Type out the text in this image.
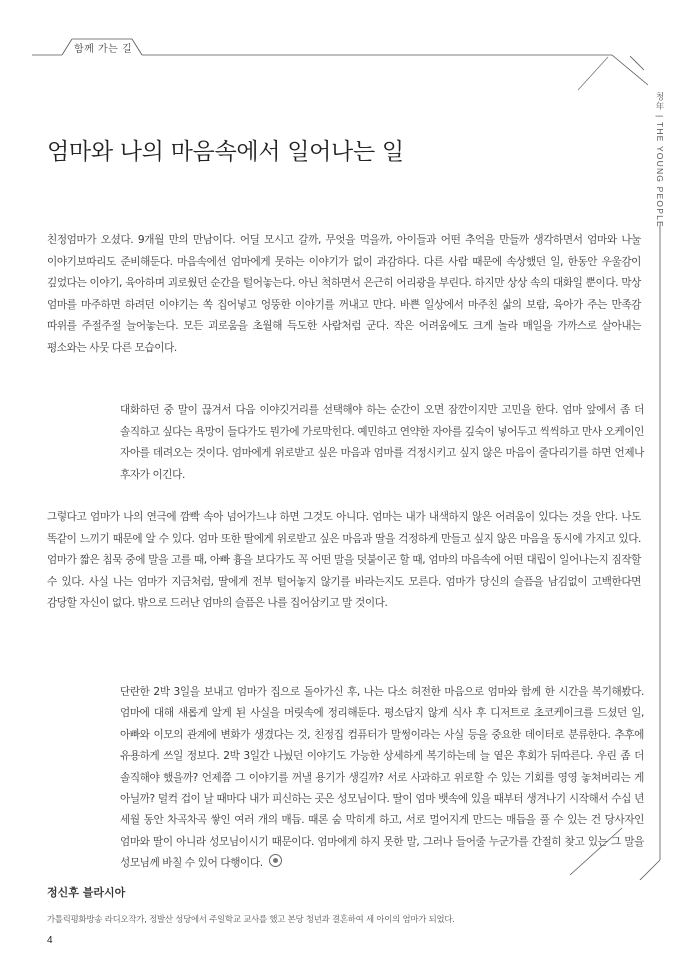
함께 가는 길
청年 | THE YOUNG PEOPLE
엄마와 나의 마음속에서 일어나는 일

친정엄마가 오셨다. 9개월 만의 만남이다. 어딜 모시고 갈까, 무엇을 먹을까, 아이들과 어떤 추억을 만들까 생각하면서 엄마와 나눌 이야기보따리도 준비해둔다. 마음속에선 엄마에게 못하는 이야기가 없이 과감하다. 다른 사람 때문에 속상했던 일, 한동안 우울감이 깊었다는 이야기, 육아하며 괴로웠던 순간을 털어놓는다. 아닌 척하면서 은근히 어리광을 부린다. 하지만 상상 속의 대화일 뿐이다. 막상 엄마를 마주하면 하려던 이야기는 쏙 집어넣고 엉뚱한 이야기를 꺼내고 만다. 바쁜 일상에서 마주친 삶의 보람, 육아가 주는 만족감 따위를 주절주절 늘어놓는다. 모든 괴로움을 초월해 득도한 사람처럼 군다. 작은 어려움에도 크게 놀라 매일을 가까스로 살아내는 평소와는 사뭇 다른 모습이다.

대화하던 중 말이 끊겨서 다음 이야깃거리를 선택해야 하는 순간이 오면 잠깐이지만 고민을 한다. 엄마 앞에서 좀 더 솔직하고 싶다는 욕망이 들다가도 뭔가에 가로막힌다. 예민하고 연약한 자아를 깊숙이 넣어두고 씩씩하고 만사 오케이인 자아를 데려오는 것이다. 엄마에게 위로받고 싶은 마음과 엄마를 걱정시키고 싶지 않은 마음이 줄다리기를 하면 언제나 후자가 이긴다.

그렇다고 엄마가 나의 연극에 깜빡 속아 넘어가느냐 하면 그것도 아니다. 엄마는 내가 내색하지 않은 어려움이 있다는 것을 안다. 나도 똑같이 느끼기 때문에 알 수 있다. 엄마 또한 딸에게 위로받고 싶은 마음과 딸을 걱정하게 만들고 싶지 않은 마음을 동시에 가지고 있다. 엄마가 짧은 침묵 중에 말을 고를 때, 아빠 흉을 보다가도 꼭 어떤 말을 덧붙이곤 할 때, 엄마의 마음속에 어떤 대립이 일어나는지 짐작할 수 있다. 사실 나는 엄마가 지금처럼, 딸에게 전부 털어놓지 않기를 바라는지도 모른다. 엄마가 당신의 슬픔을 남김없이 고백한다면 감당할 자신이 없다. 밖으로 드러난 엄마의 슬픔은 나를 집어삼키고 말 것이다.

단란한 2박 3일을 보내고 엄마가 집으로 돌아가신 후, 나는 다소 허전한 마음으로 엄마와 함께 한 시간을 복기해봤다. 엄마에 대해 새롭게 알게 된 사실을 머릿속에 정리해둔다. 평소답지 않게 식사 후 디저트로 초코케이크를 드셨던 일, 아빠와 이모의 관계에 변화가 생겼다는 것, 친정집 컴퓨터가 말썽이라는 사실 등을 중요한 데이터로 분류한다. 추후에 유용하게 쓰일 정보다. 2박 3일간 나눴던 이야기도 가능한 상세하게 복기하는데 늘 옅은 후회가 뒤따른다. 우린 좀 더 솔직해야 했을까? 언제쯤 그 이야기를 꺼낼 용기가 생길까? 서로 사과하고 위로할 수 있는 기회를 영영 놓쳐버리는 게 아닐까? 덜컥 겁이 날 때마다 내가 피신하는 곳은 성모님이다. 딸이 엄마 뱃속에 있을 때부터 생겨나기 시작해서 수십 년 세월 동안 차곡차곡 쌓인 여러 개의 매듭. 때론 숨 막히게 하고, 서로 멀어지게 만드는 매듭을 풀 수 있는 건 당사자인 엄마와 딸이 아니라 성모님이시기 때문이다. 엄마에게 하지 못한 말, 그러나 들어줄 누군가를 간절히 찾고 있는 그 말을 성모님께 바칠 수 있어 다행이다.

정신후 블라시아
가톨릭평화방송 라디오작가, 정발산 성당에서 주일학교 교사를 했고 본당 청년과 결혼하여 세 아이의 엄마가 되었다.
4
